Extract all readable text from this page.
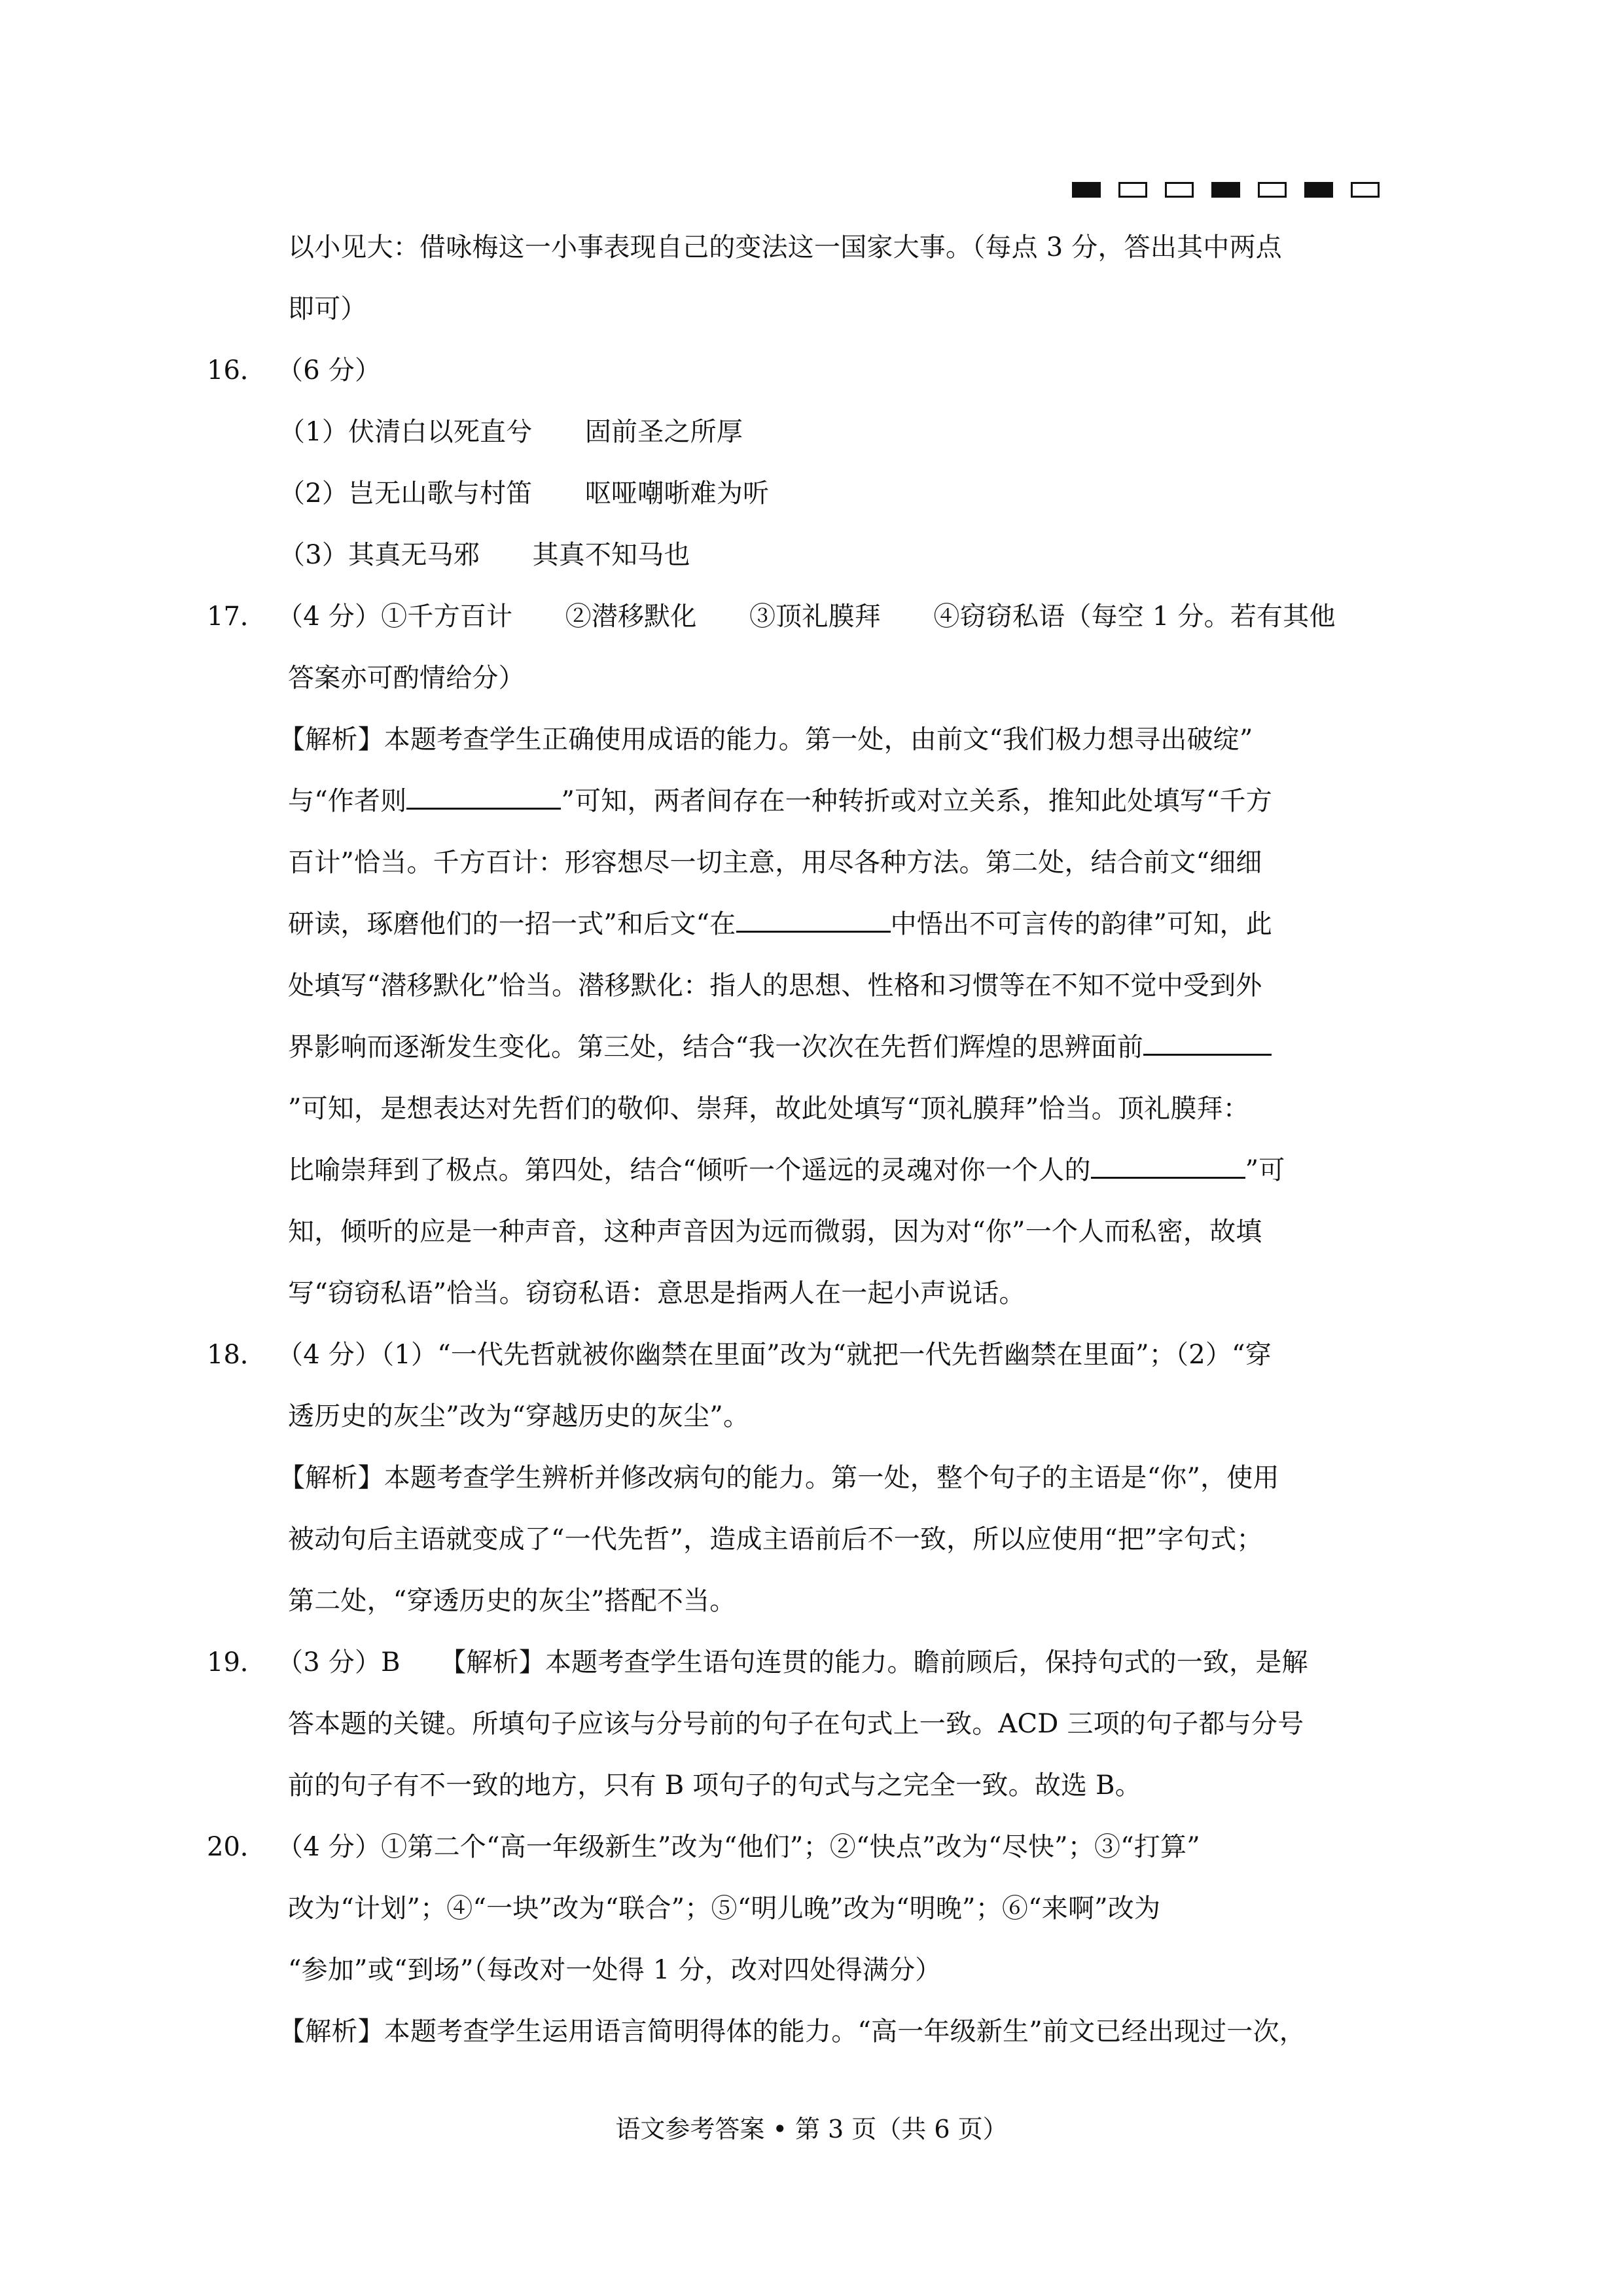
以小见大：借咏梅这一小事表现自己的变法这一国家大事。（每点 3 分，答出其中两点
即可）
16． （6 分）
（1）伏清白以死直兮　　固前圣之所厚
（2）岂无山歌与村笛　　呕哑嘲哳难为听
（3）其真无马邪　　其真不知马也
17． （4 分）①千方百计　　②潜移默化　　③顶礼膜拜　　④窃窃私语（每空 1 分。若有其他
答案亦可酌情给分）
【解析】本题考查学生正确使用成语的能力。第一处，由前文“我们极力想寻出破绽”
与“作者则	”可知，两者间存在一种转折或对立关系，推知此处填写“千方
百计”恰当。千方百计：形容想尽一切主意，用尽各种方法。第二处，结合前文“细细
研读，琢磨他们的一招一式”和后文“在	中悟出不可言传的韵律”可知，此
处填写“潜移默化”恰当。潜移默化：指人的思想、性格和习惯等在不知不觉中受到外
界影响而逐渐发生变化。第三处，结合“我一次次在先哲们辉煌的思辨面前
”可知，是想表达对先哲们的敬仰、崇拜，故此处填写“顶礼膜拜”恰当。顶礼膜拜：
比喻崇拜到了极点。第四处，结合“倾听一个遥远的灵魂对你一个人的	”可
知，倾听的应是一种声音，这种声音因为远而微弱，因为对“你”一个人而私密，故填
写“窃窃私语”恰当。窃窃私语：意思是指两人在一起小声说话。
18． （4 分）（1）“一代先哲就被你幽禁在里面”改为“就把一代先哲幽禁在里面”；（2）“穿
透历史的灰尘”改为“穿越历史的灰尘”。
【解析】本题考查学生辨析并修改病句的能力。第一处，整个句子的主语是“你”，使用
被动句后主语就变成了“一代先哲”，造成主语前后不一致，所以应使用“把”字句式；
第二处，“穿透历史的灰尘”搭配不当。
19． （3 分）B　　【解析】本题考查学生语句连贯的能力。瞻前顾后，保持句式的一致，是解
答本题的关键。所填句子应该与分号前的句子在句式上一致。ACD 三项的句子都与分号
前的句子有不一致的地方，只有 B 项句子的句式与之完全一致。故选 B。
20． （4 分）①第二个“高一年级新生”改为“他们”；②“快点”改为“尽快”；③“打算”
改为“计划”；④“一块”改为“联合”；⑤“明儿晚”改为“明晚”；⑥“来啊”改为
“参加”或“到场”（每改对一处得 1 分，改对四处得满分）
【解析】本题考查学生运用语言简明得体的能力。“高一年级新生”前文已经出现过一次，
语文参考答案 • 第 3 页（共 6 页）
